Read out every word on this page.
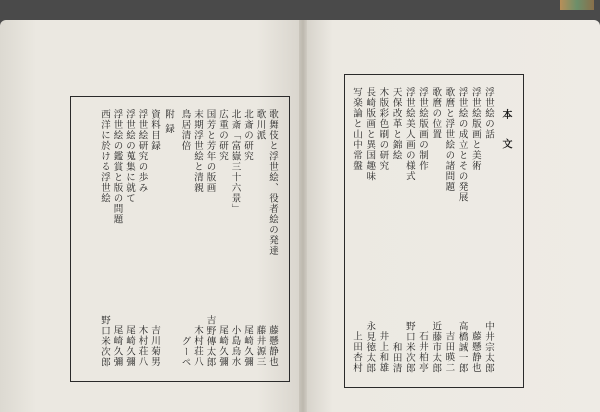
本 文
浮世絵の話
中井宗太郎
浮世絵版画と美術
藤懸静也
浮世絵の成立とその発展
高橋誠一郎
歌麿と浮世絵の諸問題
吉田暎二
歌麿の位置
近藤市太郎
浮世絵版画の制作
石井柏亭
浮世絵美人画の様式
野口米次郎
天保改革と錦絵
和田清
木版彩色刷の研究
井上和雄
長崎版画と異国趣味
永見徳太郎
写楽論と山中常盤
上田杏村
歌舞伎と浮世絵、役者絵の発達
藤懸静也
歌川派
藤井源三
北斎の研究
尾崎久彌
北斎「富嶽三十六景」
小島烏水
広重の研究
尾崎久彌
国芳と芳年の版画
吉野傳太郎
末期浮世絵と清親
木村荘八
鳥居清倍
グーペ
附 録
資料目録
吉川菊男
浮世絵研究の歩み
木村荘八
浮世絵の蒐集に就て
尾崎久彌
浮世絵の鑑賞と版の問題
尾崎久彌
西洋に於ける浮世絵
野口米次郎
